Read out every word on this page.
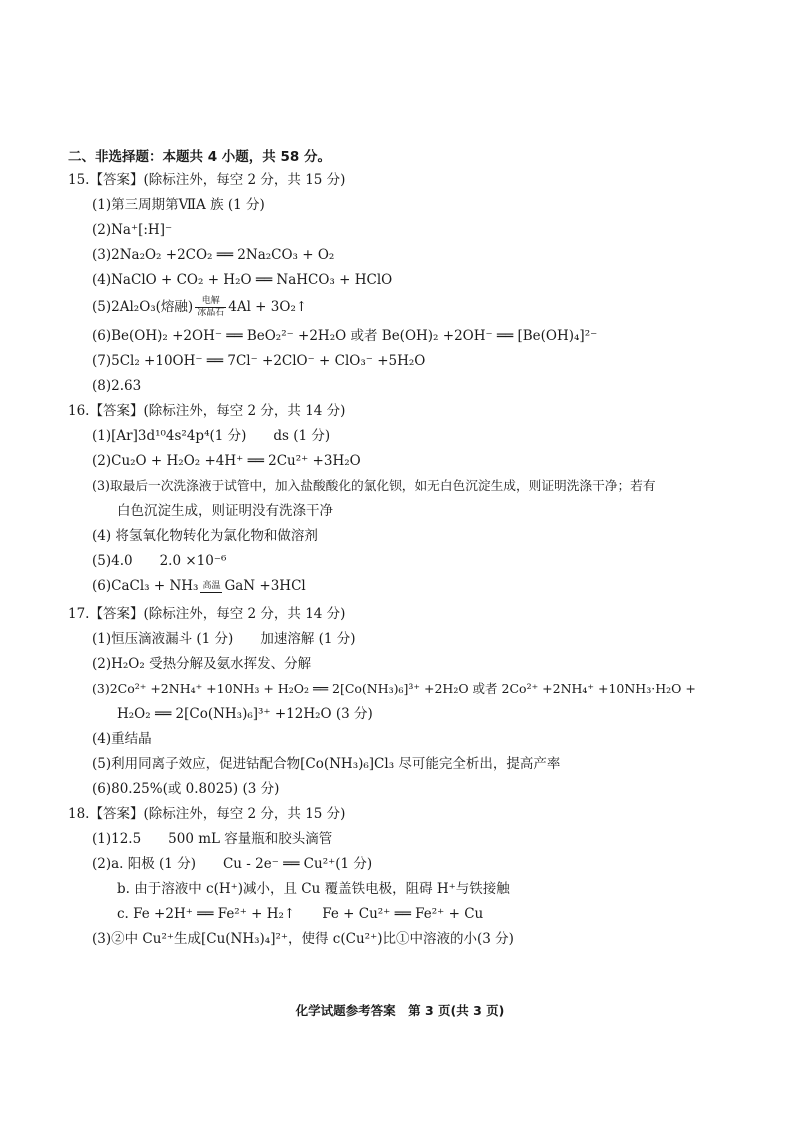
二、非选择题：本题共 4 小题，共 58 分。
15.【答案】(除标注外，每空 2 分，共 15 分)
(1)第三周期第ⅦA 族 (1 分)
(2)Na⁺[:H]⁻
(3)2Na₂O₂ +2CO₂ ══ 2Na₂CO₃ + O₂
(4)NaClO + CO₂ + H₂O ══ NaHCO₃ + HClO
(5)2Al₂O₃(熔融) 电解
冰晶石 4Al + 3O₂↑
(6)Be(OH)₂ +2OH⁻ ══ BeO₂²⁻ +2H₂O 或者 Be(OH)₂ +2OH⁻ ══ [Be(OH)₄]²⁻
(7)5Cl₂ +10OH⁻ ══ 7Cl⁻ +2ClO⁻ + ClO₃⁻ +5H₂O
(8)2.63
16.【答案】(除标注外，每空 2 分，共 14 分)
(1)[Ar]3d¹⁰4s²4p⁴(1 分)　　ds (1 分)
(2)Cu₂O + H₂O₂ +4H⁺ ══ 2Cu²⁺ +3H₂O
(3)取最后一次洗涤液于试管中，加入盐酸酸化的氯化钡，如无白色沉淀生成，则证明洗涤干净；若有
白色沉淀生成，则证明没有洗涤干净
(4) 将氢氧化物转化为氯化物和做溶剂
(5)4.0　　2.0 ×10⁻⁶
(6)CaCl₃ + NH₃ 高温 GaN +3HCl
17.【答案】(除标注外，每空 2 分，共 14 分)
(1)恒压滴液漏斗 (1 分)　　加速溶解 (1 分)
(2)H₂O₂ 受热分解及氨水挥发、分解
(3)2Co²⁺ +2NH₄⁺ +10NH₃ + H₂O₂ ══ 2[Co(NH₃)₆]³⁺ +2H₂O 或者 2Co²⁺ +2NH₄⁺ +10NH₃·H₂O +
H₂O₂ ══ 2[Co(NH₃)₆]³⁺ +12H₂O (3 分)
(4)重结晶
(5)利用同离子效应，促进钴配合物[Co(NH₃)₆]Cl₃ 尽可能完全析出，提高产率
(6)80.25%(或 0.8025) (3 分)
18.【答案】(除标注外，每空 2 分，共 15 分)
(1)12.5　　500 mL 容量瓶和胶头滴管
(2)a. 阳极 (1 分)　　Cu - 2e⁻ ══ Cu²⁺(1 分)
b. 由于溶液中 c(H⁺)减小，且 Cu 覆盖铁电极，阻碍 H⁺与铁接触
c. Fe +2H⁺ ══ Fe²⁺ + H₂↑　　Fe + Cu²⁺ ══ Fe²⁺ + Cu
(3)②中 Cu²⁺生成[Cu(NH₃)₄]²⁺，使得 c(Cu²⁺)比①中溶液的小(3 分)
化学试题参考答案　第 3 页(共 3 页)
